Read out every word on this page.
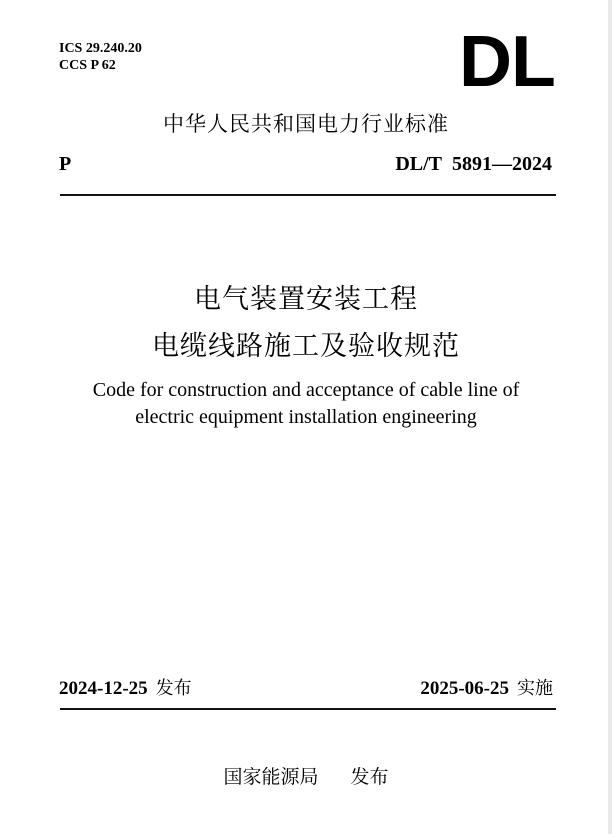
ICS 29.240.20
CCS P 62	DL
中华人民共和国电力行业标准
P	DL/T 5891—2024
电气装置安装工程
电缆线路施工及验收规范
Code for construction and acceptance of cable line of
electric equipment installation engineering
2024-12-25 发布	2025-06-25 实施
国家能源局 发布
